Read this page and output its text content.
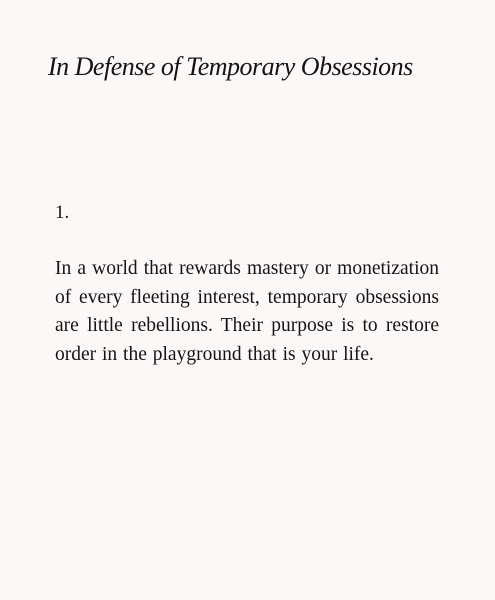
In Defense of Temporary Obsessions

1.

In a world that rewards mastery or monetization of every fleeting interest, temporary obsessions are little rebellions. Their purpose is to restore order in the playground that is your life.
